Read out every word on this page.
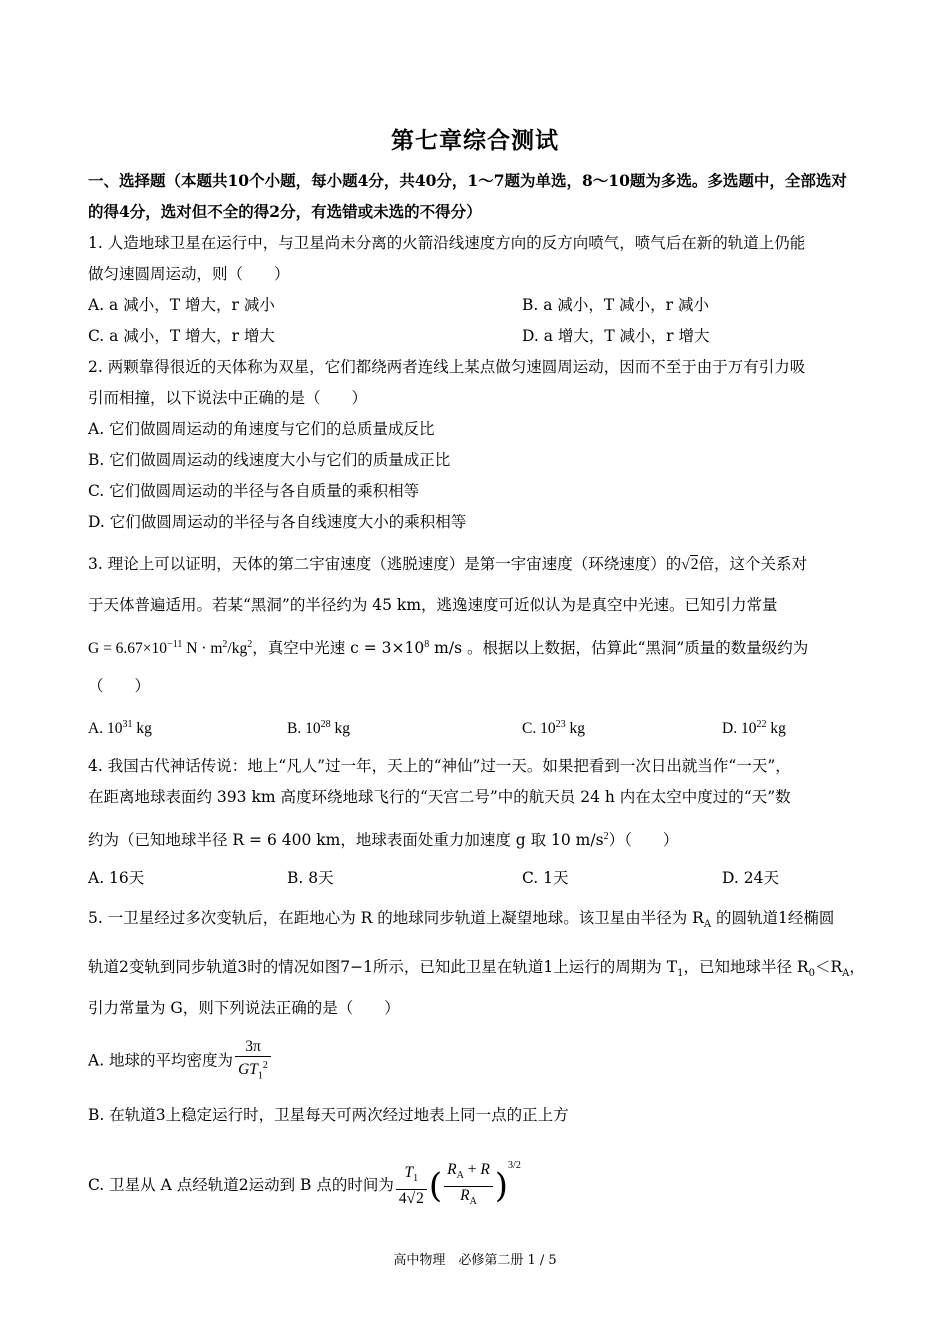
第七章综合测试
一、选择题（本题共10个小题，每小题4分，共40分，1～7题为单选，8～10题为多选。多选题中，全部选对
的得4分，选对但不全的得2分，有选错或未选的不得分）
1. 人造地球卫星在运行中，与卫星尚未分离的火箭沿线速度方向的反方向喷气，喷气后在新的轨道上仍能
做匀速圆周运动，则（　　）
A. a 减小，T 增大，r 减小	B. a 减小，T 减小，r 减小
C. a 减小，T 增大，r 增大	D. a 增大，T 减小，r 增大
2. 两颗靠得很近的天体称为双星，它们都绕两者连线上某点做匀速圆周运动，因而不至于由于万有引力吸
引而相撞，以下说法中正确的是（　　）
A. 它们做圆周运动的角速度与它们的总质量成反比
B. 它们做圆周运动的线速度大小与它们的质量成正比
C. 它们做圆周运动的半径与各自质量的乘积相等
D. 它们做圆周运动的半径与各自线速度大小的乘积相等
3. 理论上可以证明，天体的第二宇宙速度（逃脱速度）是第一宇宙速度（环绕速度）的√2倍，这个关系对
于天体普遍适用。若某“黑洞”的半径约为 45 km，逃逸速度可近似认为是真空中光速。已知引力常量
$G = 6.67\times 10^{-11}$ $N \cdot m^2/kg^2$，真空中光速 $c = 3\times 10^8$ m/s 。根据以上数据，估算此“黑洞”质量的数量级约为
（　　）
A. $10^{31}$ kg	B. $10^{28}$ kg	C. $10^{23}$ kg	D. $10^{22}$ kg
4. 我国古代神话传说：地上“凡人”过一年，天上的“神仙”过一天。如果把看到一次日出就当作“一天”，
在距离地球表面约 393 km 高度环绕地球飞行的“天宫二号”中的航天员 24 h 内在太空中度过的“天”数
约为（已知地球半径 R = 6 400 km，地球表面处重力加速度 g 取 10 $m/s^2$）（　　）
A. 16天	B. 8天	C. 1天	D. 24天
5. 一卫星经过多次变轨后，在距地心为 R 的地球同步轨道上凝望地球。该卫星由半径为 $R_A$ 的圆轨道1经椭圆
轨道2变轨到同步轨道3时的情况如图7−1所示，已知此卫星在轨道1上运行的周期为 $T_1$，已知地球半径 $R_0<R_A$，
引力常量为 G，则下列说法正确的是（　　）
A. 地球的平均密度为 $\frac{3\pi}{GT_1^2}$
B. 在轨道3上稳定运行时，卫星每天可两次经过地表上同一点的正上方
C. 卫星从 A 点经轨道2运动到 B 点的时间为 $\frac{T_1}{4√2}$ ( $\frac{R_A + R}{R_A} )^{3/2}$
高中物理　必修第二册 1 / 5
